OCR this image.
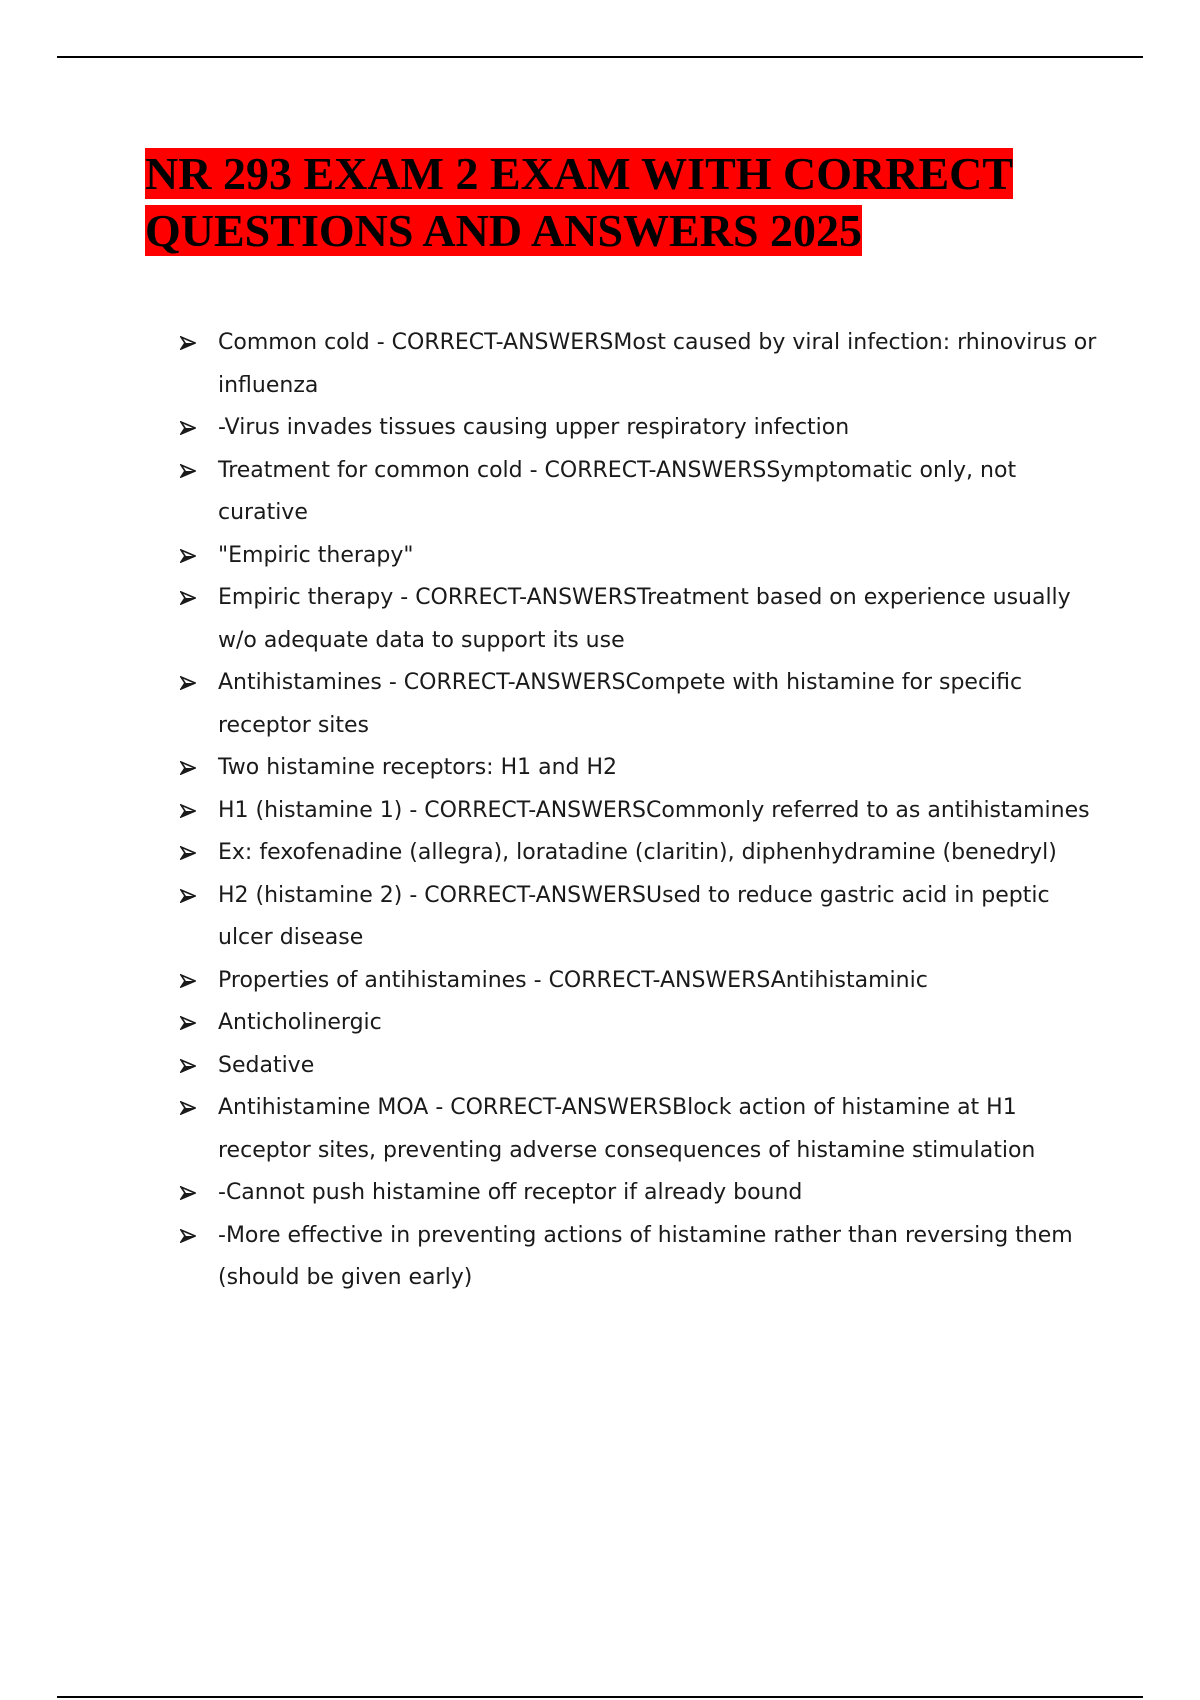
NR 293 EXAM 2 EXAM WITH CORRECT QUESTIONS AND ANSWERS 2025
Common cold - CORRECT-ANSWERSMost caused by viral infection: rhinovirus or influenza
-Virus invades tissues causing upper respiratory infection
Treatment for common cold - CORRECT-ANSWERSSymptomatic only, not curative
"Empiric therapy"
Empiric therapy - CORRECT-ANSWERSTreatment based on experience usually w/o adequate data to support its use
Antihistamines - CORRECT-ANSWERSCompete with histamine for specific receptor sites
Two histamine receptors: H1 and H2
H1 (histamine 1) - CORRECT-ANSWERSCommonly referred to as antihistamines
Ex: fexofenadine (allegra), loratadine (claritin), diphenhydramine (benedryl)
H2 (histamine 2) - CORRECT-ANSWERSUsed to reduce gastric acid in peptic ulcer disease
Properties of antihistamines - CORRECT-ANSWERSAntihistaminic
Anticholinergic
Sedative
Antihistamine MOA - CORRECT-ANSWERSBlock action of histamine at H1 receptor sites, preventing adverse consequences of histamine stimulation
-Cannot push histamine off receptor if already bound
-More effective in preventing actions of histamine rather than reversing them (should be given early)
